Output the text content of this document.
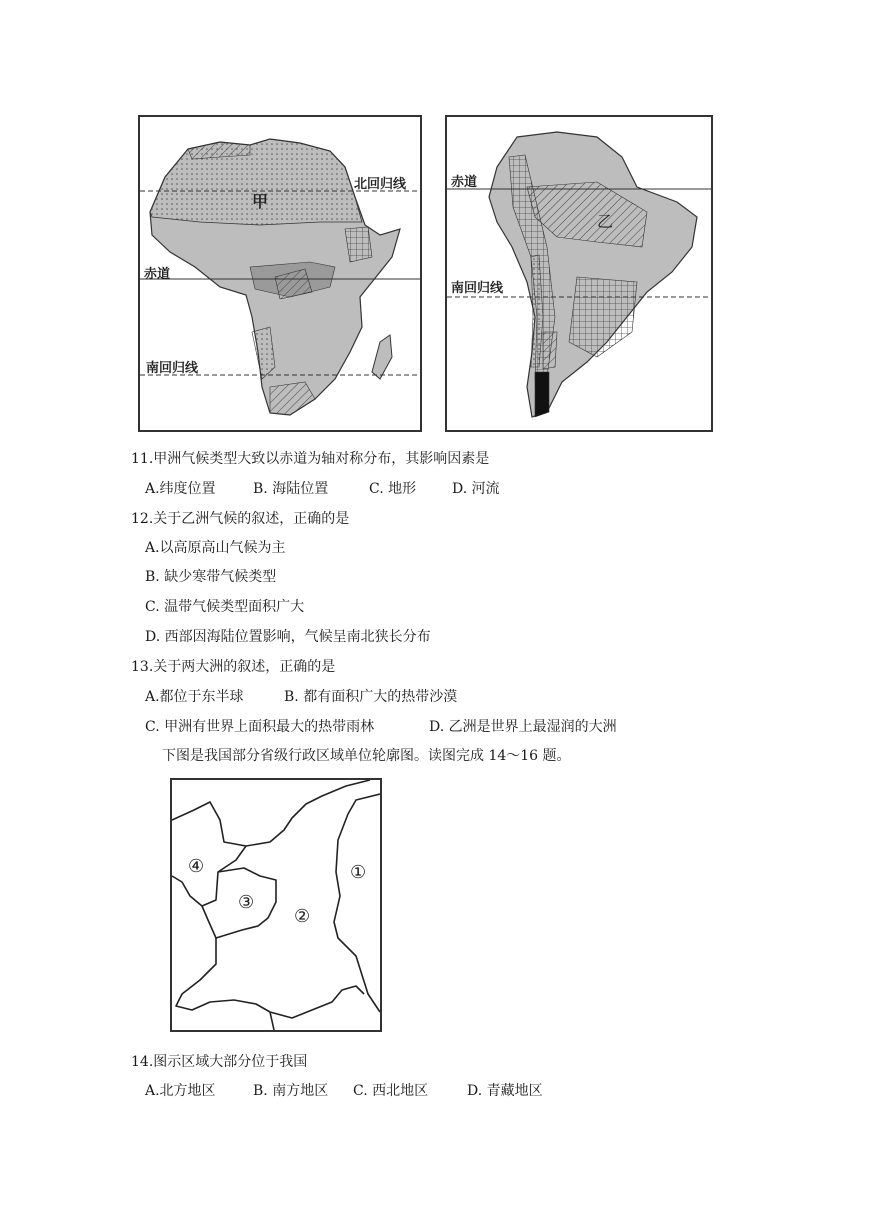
甲
北回归线
赤道
南回归线
乙
赤道
南回归线
11.甲洲气候类型大致以赤道为轴对称分布，其影响因素是
A.纬度位置	B. 海陆位置	C. 地形	D. 河流
12.关于乙洲气候的叙述，正确的是
A.以高原高山气候为主
B. 缺少寒带气候类型
C. 温带气候类型面积广大
D. 西部因海陆位置影响，气候呈南北狭长分布
13.关于两大洲的叙述，正确的是
A.都位于东半球	B. 都有面积广大的热带沙漠
C. 甲洲有世界上面积最大的热带雨林	D. 乙洲是世界上最湿润的大洲
下图是我国部分省级行政区域单位轮廓图。读图完成 14～16 题。
①
②
③
④
14.图示区域大部分位于我国
A.北方地区	B. 南方地区 C. 西北地区	D. 青藏地区
